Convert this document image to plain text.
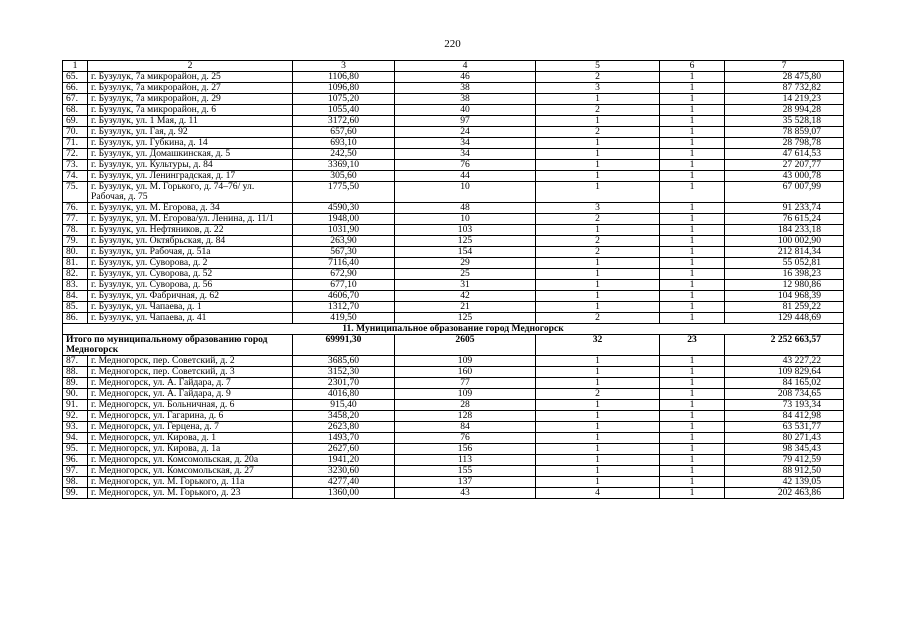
220
1	2	3	4	5	6	7
65.	г. Бузулук, 7а микрорайон, д. 25	1106,80	46	2	1	28 475,80
66.	г. Бузулук, 7а микрорайон, д. 27	1096,80	38	3	1	87 732,82
67.	г. Бузулук, 7а микрорайон, д. 29	1075,20	38	1	1	14 219,23
68.	г. Бузулук, 7а микрорайон, д. 6	1055,40	40	2	1	28 994,28
69.	г. Бузулук, ул. 1 Мая, д. 11	3172,60	97	1	1	35 528,18
70.	г. Бузулук, ул. Гая, д. 92	657,60	24	2	1	78 859,07
71.	г. Бузулук, ул. Губкина, д. 14	693,10	34	1	1	28 798,78
72.	г. Бузулук, ул. Домашкинская, д. 5	242,50	34	1	1	47 614,53
73.	г. Бузулук, ул. Культуры, д. 84	3369,10	76	1	1	27 207,77
74.	г. Бузулук, ул. Ленинградская, д. 17	305,60	44	1	1	43 000,78
75.	г. Бузулук, ул. М. Горького, д. 74–76/ ул. Рабочая, д. 75	1775,50	10	1	1	67 007,99
76.	г. Бузулук, ул. М. Егорова, д. 34	4590,30	48	3	1	91 233,74
77.	г. Бузулук, ул. М. Егорова/ул. Ленина, д. 11/1	1948,00	10	2	1	76 615,24
78.	г. Бузулук, ул. Нефтяников, д. 22	1031,90	103	1	1	184 233,18
79.	г. Бузулук, ул. Октябрьская, д. 84	263,90	125	2	1	100 002,90
80.	г. Бузулук, ул. Рабочая, д. 51а	567,30	154	2	1	212 814,34
81.	г. Бузулук, ул. Суворова, д. 2	7116,40	29	1	1	55 052,81
82.	г. Бузулук, ул. Суворова, д. 52	672,90	25	1	1	16 398,23
83.	г. Бузулук, ул. Суворова, д. 56	677,10	31	1	1	12 980,86
84.	г. Бузулук, ул. Фабричная, д. 62	4606,70	42	1	1	104 968,39
85.	г. Бузулук, ул. Чапаева, д. 1	1312,70	21	1	1	81 259,22
86.	г. Бузулук, ул. Чапаева, д. 41	419,50	125	2	1	129 448,69
11. Муниципальное образование город Медногорск						
Итого по муниципальному образованию город Медногорск		69991,30	2605	32	23	2 252 663,57
87.	г. Медногорск, пер. Советский, д. 2	3685,60	109	1	1	43 227,22
88.	г. Медногорск, пер. Советский, д. 3	3152,30	160	1	1	109 829,64
89.	г. Медногорск, ул. А. Гайдара, д. 7	2301,70	77	1	1	84 165,02
90.	г. Медногорск, ул. А. Гайдара, д. 9	4016,80	109	2	1	208 734,65
91.	г. Медногорск, ул. Больничная, д. 6	915,40	28	1	1	73 193,34
92.	г. Медногорск, ул. Гагарина, д. 6	3458,20	128	1	1	84 412,98
93.	г. Медногорск, ул. Герцена, д. 7	2623,80	84	1	1	63 531,77
94.	г. Медногорск, ул. Кирова, д. 1	1493,70	76	1	1	80 271,43
95.	г. Медногорск, ул. Кирова, д. 1а	2627,60	156	1	1	98 345,43
96.	г. Медногорск, ул. Комсомольская, д. 20а	1941,20	113	1	1	79 412,59
97.	г. Медногорск, ул. Комсомольская, д. 27	3230,60	155	1	1	88 912,50
98.	г. Медногорск, ул. М. Горького, д. 11а	4277,40	137	1	1	42 139,05
99.	г. Медногорск, ул. М. Горького, д. 23	1360,00	43	4	1	202 463,86
